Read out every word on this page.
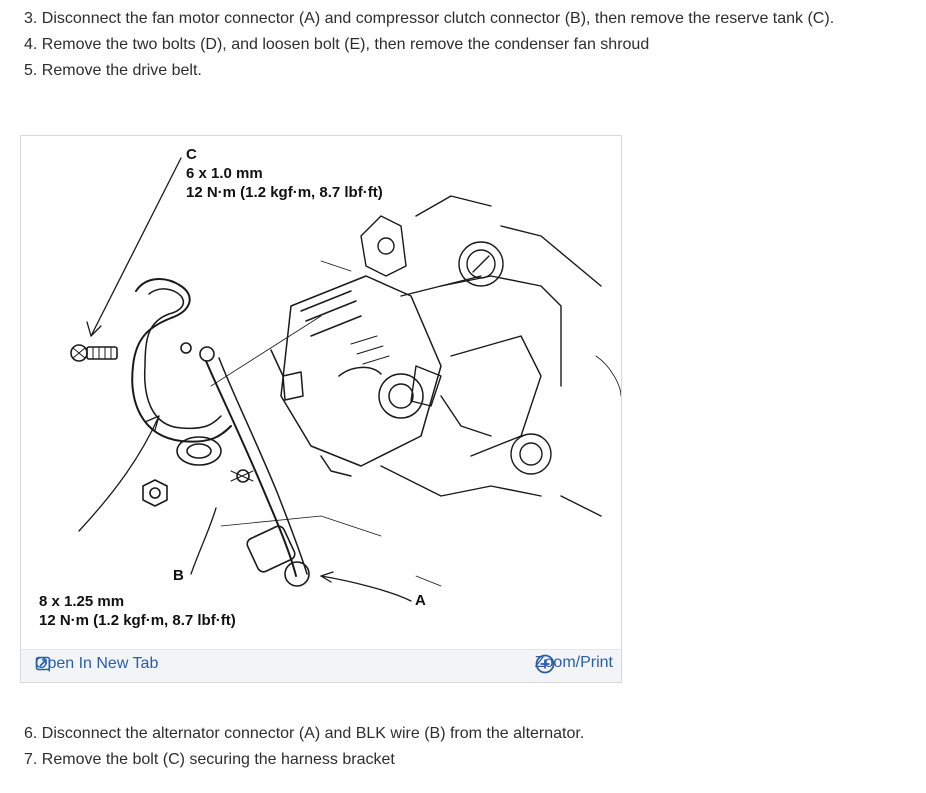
3. Disconnect the fan motor connector (A) and compressor clutch connector (B), then remove the reserve tank (C).
4. Remove the two bolts (D), and loosen bolt (E), then remove the condenser fan shroud
5. Remove the drive belt.
C
6 x 1.0 mm
12 N·m (1.2 kgf·m, 8.7 lbf·ft)
B
8 x 1.25 mm
12 N·m (1.2 kgf·m, 8.7 lbf·ft)
A
Open In New Tab	Zoom/Print
6. Disconnect the alternator connector (A) and BLK wire (B) from the alternator.
7. Remove the bolt (C) securing the harness bracket
